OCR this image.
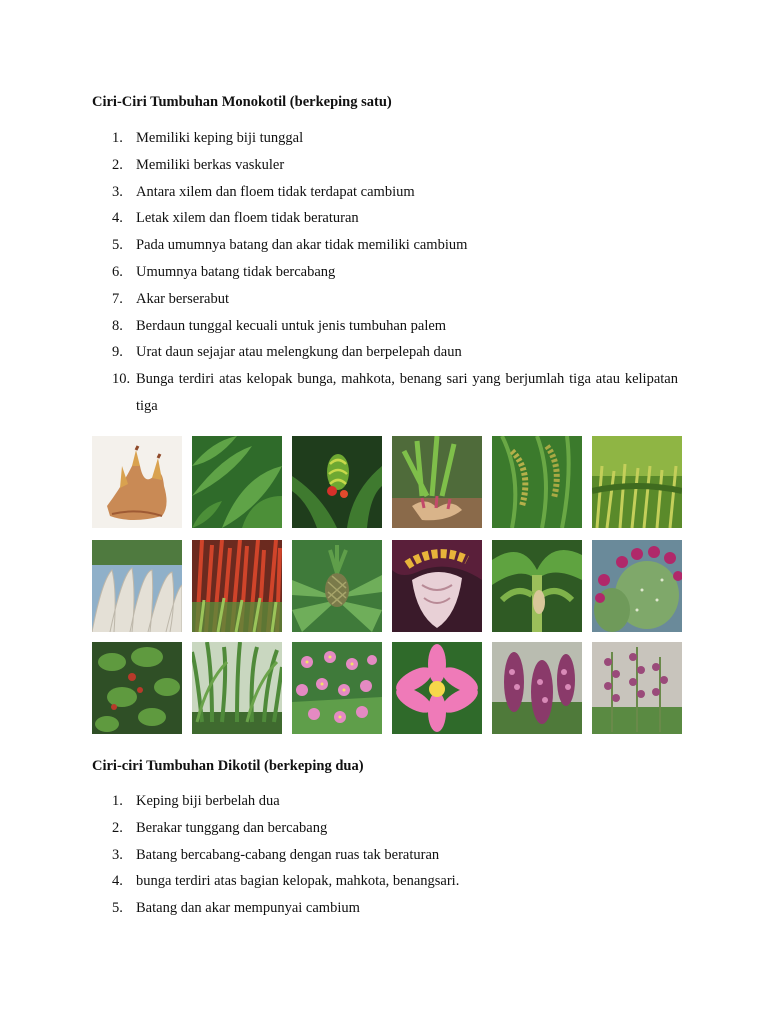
Ciri-Ciri Tumbuhan Monokotil (berkeping satu)
1. Memiliki keping biji tunggal
2. Memiliki berkas vaskuler
3. Antara xilem dan floem tidak terdapat cambium
4. Letak xilem dan floem tidak beraturan
5. Pada umumnya batang dan akar tidak memiliki cambium
6. Umumnya batang tidak bercabang
7. Akar berserabut
8. Berdaun tunggal kecuali untuk jenis tumbuhan palem
9. Urat daun sejajar atau melengkung dan berpelepah daun
10. Bunga terdiri atas kelopak bunga, mahkota, benang sari yang berjumlah tiga atau kelipatan tiga
Ciri-ciri Tumbuhan Dikotil (berkeping dua)
1. Keping biji berbelah dua
2. Berakar tunggang dan bercabang
3. Batang bercabang-cabang dengan ruas tak beraturan
4. bunga terdiri atas bagian kelopak, mahkota, benangsari.
5. Batang dan akar mempunyai cambium
